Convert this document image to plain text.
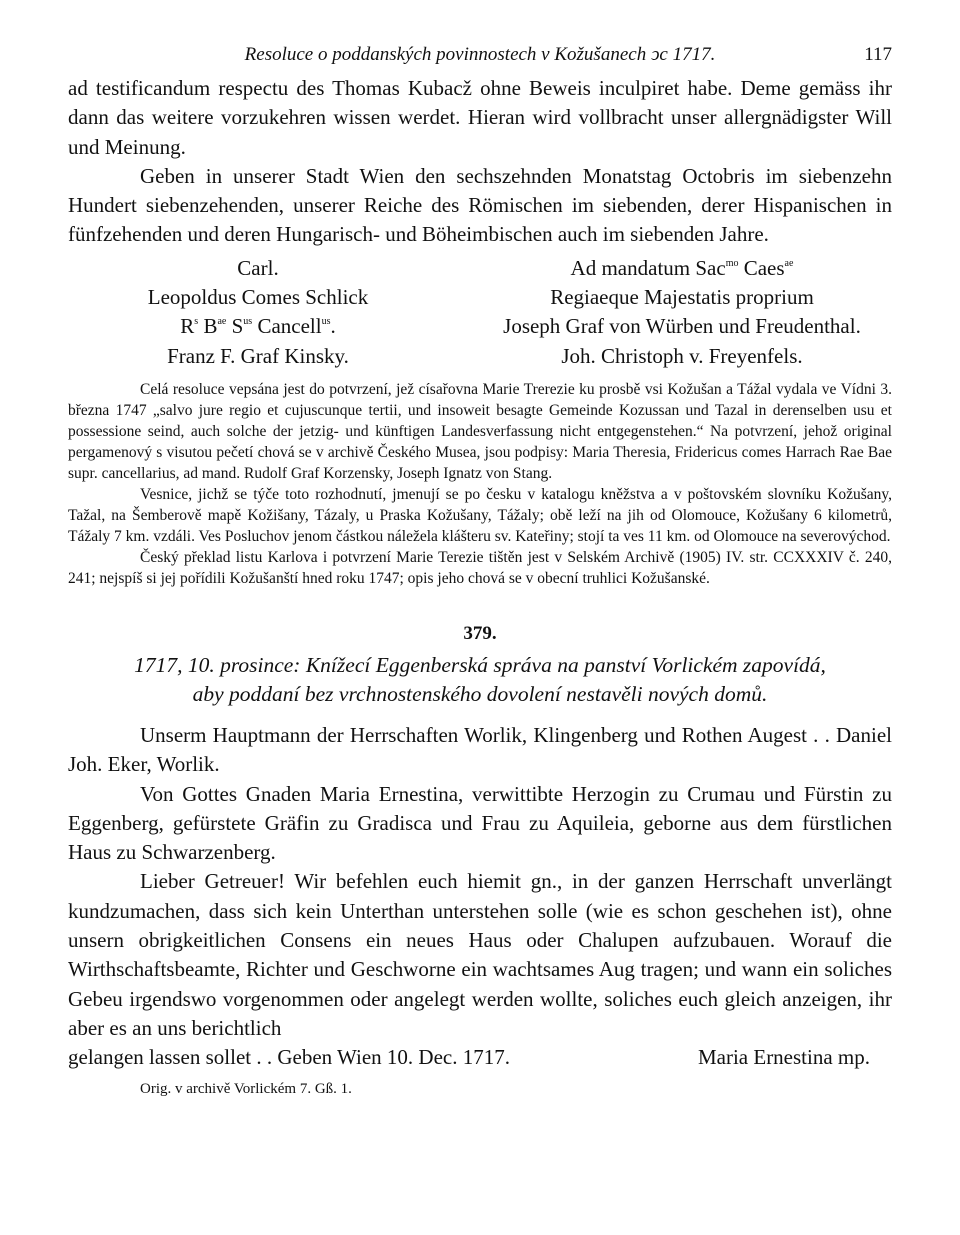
Resoluce o poddanských povinnostech v Kožušanech ͻc 1717.	117

ad testificandum respectu des Thomas Kubacž ohne Beweis inculpiret habe. Deme gemäss ihr dann das weitere vorzukehren wissen werdet. Hieran wird vollbracht unser allergnädigster Will und Meinung.

Geben in unserer Stadt Wien den sechszehnden Monatstag Octobris im siebenzehn Hundert siebenzehenden, unserer Reiche des Römischen im siebenden, derer Hispanischen in fünfzehenden und deren Hungarisch- und Böheimbischen auch im siebenden Jahre.

Carl.
Leopoldus Comes Schlick
$R^s$ $B^{ae}$ $S^{us}$ Cancell$^{us}$.
Franz F. Graf Kinsky.
Ad mandatum Sac$^{mo}$ Caes$^{ae}$
Regiaeque Majestatis proprium
Joseph Graf von Würben und Freudenthal.
Joh. Christoph v. Freyenfels.

Celá resoluce vepsána jest do potvrzení, jež císařovna Marie Trerezie ku prosbě vsi Kožušan a Tážal vydala ve Vídni 3. března 1747 „salvo jure regio et cujuscunque tertii, und insoweit besagte Gemeinde Kozussan und Tazal in derenselben usu et possessione seind, auch solche der jetzig- und künftigen Landesverfassung nicht entgegenstehen.“ Na potvrzení, jehož original pergamenový s visutou pečetí chová se v archivě Českého Musea, jsou podpisy: Maria Theresia, Fridericus comes Harrach Rae Bae supr. cancellarius, ad mand. Rudolf Graf Korzensky, Joseph Ignatz von Stang.

Vesnice, jichž se týče toto rozhodnutí, jmenují se po česku v katalogu kněžstva a v poštovském slovníku Kožušany, Tažal, na Šemberově mapě Kožišany, Tázaly, u Praska Kožušany, Tážaly; obě leží na jih od Olomouce, Kožušany 6 kilometrů, Tážaly 7 km. vzdáli. Ves Posluchov jenom částkou náležela klášteru sv. Kateřiny; stojí ta ves 11 km. od Olomouce na severovýchod.

Český překlad listu Karlova i potvrzení Marie Terezie tištěn jest v Selském Archivě (1905) IV. str. CCXXXIV č. 240, 241; nejspíš si jej pořídili Kožušanští hned roku 1747; opis jeho chová se v obecní truhlici Kožušanské.

379.

1717, 10. prosince: Knížecí Eggenberská správa na panství Vorlickém zapovídá,
aby poddaní bez vrchnostenského dovolení nestavěli nových domů.

Unserm Hauptmann der Herrschaften Worlik, Klingenberg und Rothen Augest . . Daniel Joh. Eker, Worlik.

Von Gottes Gnaden Maria Ernestina, verwittibte Herzogin zu Crumau und Fürstin zu Eggenberg, gefürstete Gräfin zu Gradisca und Frau zu Aquileia, geborne aus dem fürstlichen Haus zu Schwarzenberg.

Lieber Getreuer! Wir befehlen euch hiemit gn., in der ganzen Herrschaft unverlängt kundzumachen, dass sich kein Unterthan unterstehen solle (wie es schon geschehen ist), ohne unsern obrigkeitlichen Consens ein neues Haus oder Chalupen aufzubauen. Worauf die Wirthschaftsbeamte, Richter und Geschworne ein wachtsames Aug tragen; und wann ein soliches Gebeu irgendswo vorgenommen oder angelegt werden wollte, soliches euch gleich anzeigen, ihr aber es an uns berichtlich

gelangen lassen sollet . . Geben Wien 10. Dec. 1717.	Maria Ernestina mp.
Orig. v archivě Vorlickém 7. Gß. 1.
